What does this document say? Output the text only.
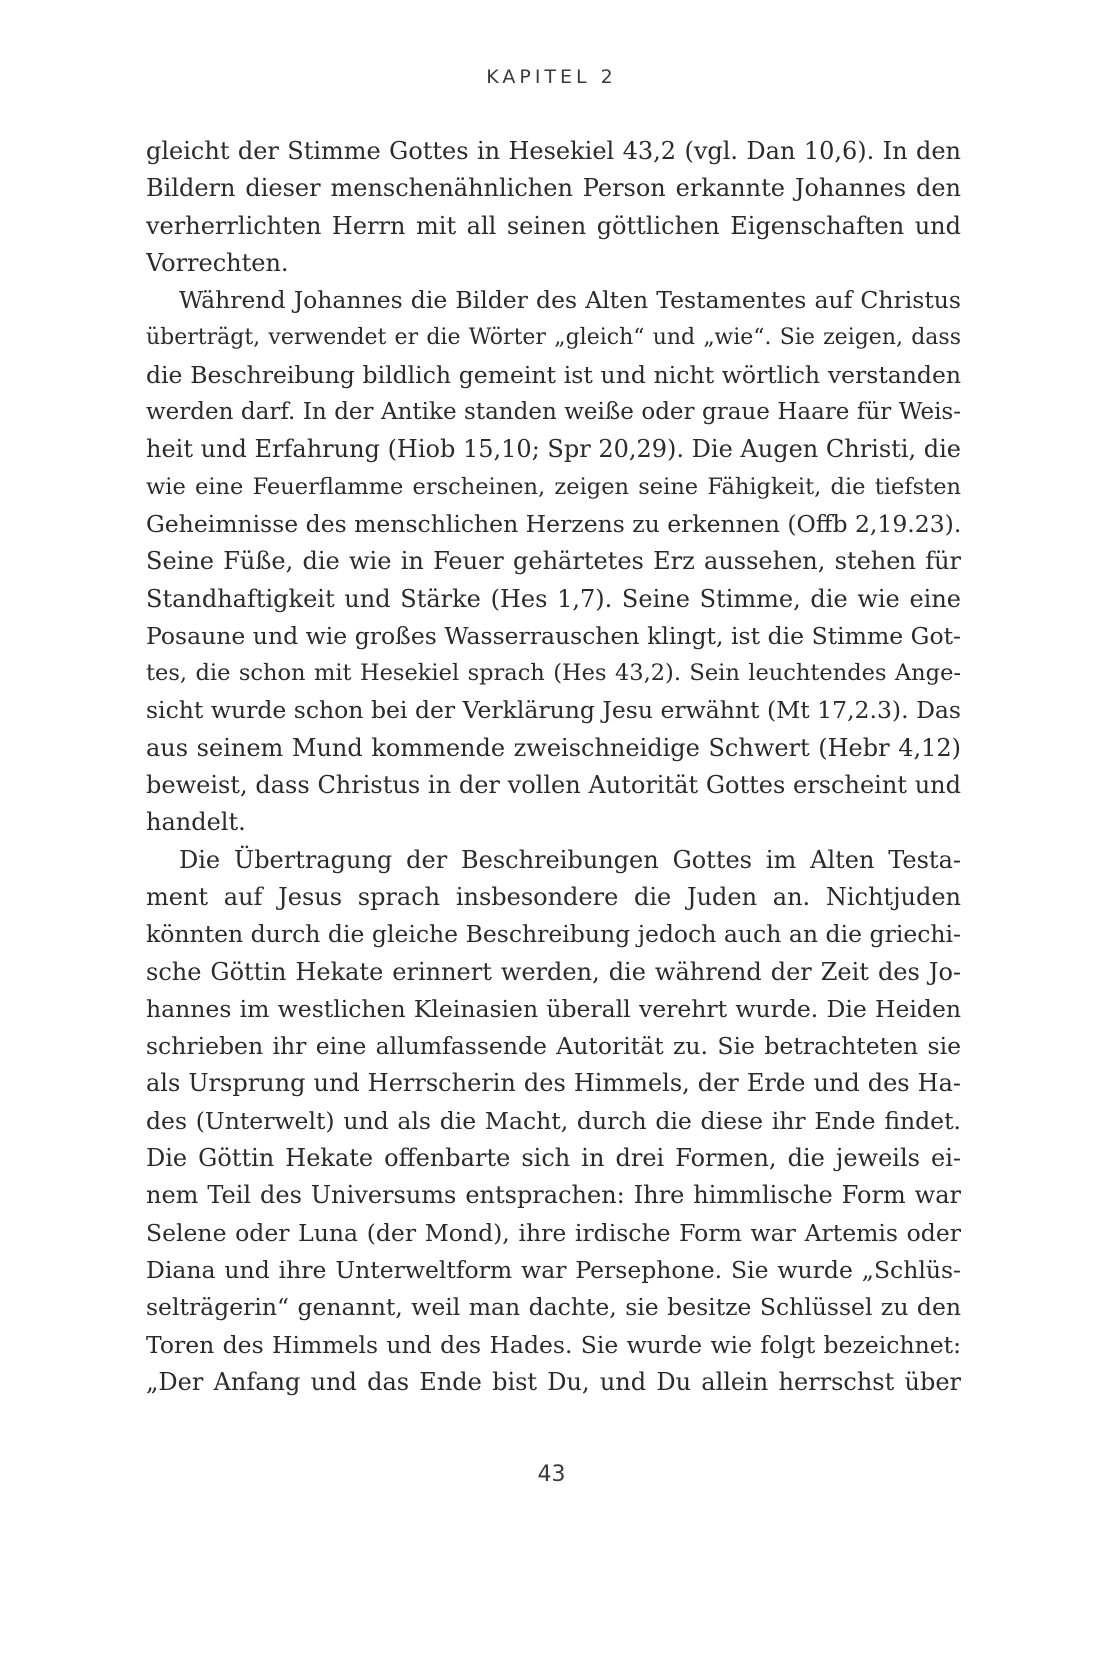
KAPITEL 2
gleicht der Stimme Gottes in Hesekiel 43,2 (vgl. Dan 10,6). In den
Bildern dieser menschenähnlichen Person erkannte Johannes den
verherrlichten Herrn mit all seinen göttlichen Eigenschaften und
Vorrechten.
Während Johannes die Bilder des Alten Testamentes auf Christus
überträgt, verwendet er die Wörter „gleich“ und „wie“. Sie zeigen, dass
die Beschreibung bildlich gemeint ist und nicht wörtlich verstanden
werden darf. In der Antike standen weiße oder graue Haare für Weis-
heit und Erfahrung (Hiob 15,10; Spr 20,29). Die Augen Christi, die
wie eine Feuerflamme erscheinen, zeigen seine Fähigkeit, die tiefsten
Geheimnisse des menschlichen Herzens zu erkennen (Offb 2,19.23).
Seine Füße, die wie in Feuer gehärtetes Erz aussehen, stehen für
Standhaftigkeit und Stärke (Hes 1,7). Seine Stimme, die wie eine
Posaune und wie großes Wasserrauschen klingt, ist die Stimme Got-
tes, die schon mit Hesekiel sprach (Hes 43,2). Sein leuchtendes Ange-
sicht wurde schon bei der Verklärung Jesu erwähnt (Mt 17,2.3). Das
aus seinem Mund kommende zweischneidige Schwert (Hebr 4,12)
beweist, dass Christus in der vollen Autorität Gottes erscheint und
handelt.
Die Übertragung der Beschreibungen Gottes im Alten Testa-
ment auf Jesus sprach insbesondere die Juden an. Nichtjuden
könnten durch die gleiche Beschreibung jedoch auch an die griechi-
sche Göttin Hekate erinnert werden, die während der Zeit des Jo-
hannes im westlichen Kleinasien überall verehrt wurde. Die Heiden
schrieben ihr eine allumfassende Autorität zu. Sie betrachteten sie
als Ursprung und Herrscherin des Himmels, der Erde und des Ha-
des (Unterwelt) und als die Macht, durch die diese ihr Ende findet.
Die Göttin Hekate offenbarte sich in drei Formen, die jeweils ei-
nem Teil des Universums entsprachen: Ihre himmlische Form war
Selene oder Luna (der Mond), ihre irdische Form war Artemis oder
Diana und ihre Unterweltform war Persephone. Sie wurde „Schlüs-
selträgerin“ genannt, weil man dachte, sie besitze Schlüssel zu den
Toren des Himmels und des Hades. Sie wurde wie folgt bezeichnet:
„Der Anfang und das Ende bist Du, und Du allein herrschst über
43
